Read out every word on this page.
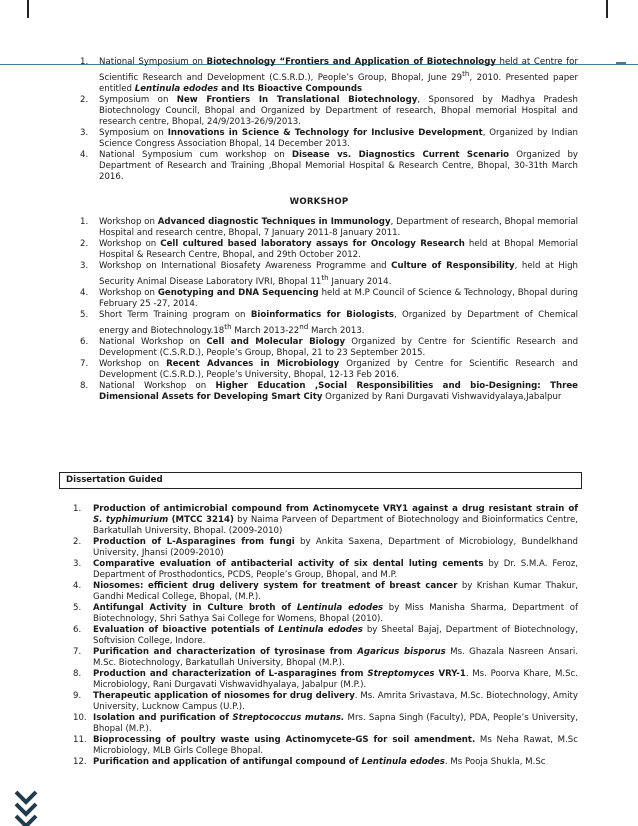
1. National Symposium on Biotechnology “Frontiers and Application of Biotechnology held at Centre for Scientific Research and Development (C.S.R.D.), People’s Group, Bhopal, June 29th, 2010. Presented paper entitled Lentinula edodes and Its Bioactive Compounds
2. Symposium on New Frontiers In Translational Biotechnology, Sponsored by Madhya Pradesh Biotechnology Council, Bhopal and Organized by Department of research, Bhopal memorial Hospital and research centre, Bhopal, 24/9/2013-26/9/2013.
3. Symposium on Innovations in Science & Technology for Inclusive Development, Organized by Indian Science Congress Association Bhopal, 14 December 2013.
4. National Symposium cum workshop on Disease vs. Diagnostics Current Scenario Organized by Department of Research and Training ,Bhopal Memorial Hospital & Research Centre, Bhopal, 30-31th March 2016.
WORKSHOP
1. Workshop on Advanced diagnostic Techniques in Immunology, Department of research, Bhopal memorial Hospital and research centre, Bhopal, 7 January 2011-8 January 2011.
2. Workshop on Cell cultured based laboratory assays for Oncology Research held at Bhopal Memorial Hospital & Research Centre, Bhopal, and 29th October 2012.
3. Workshop on International Biosafety Awareness Programme and Culture of Responsibility, held at High Security Animal Disease Laboratory IVRI, Bhopal 11th January 2014.
4. Workshop on Genotyping and DNA Sequencing held at M.P Council of Science & Technology, Bhopal during February 25 -27, 2014.
5. Short Term Training program on Bioinformatics for Biologists, Organized by Department of Chemical energy and Biotechnology.18th March 2013-22nd March 2013.
6. National Workshop on Cell and Molecular Biology Organized by Centre for Scientific Research and Development (C.S.R.D.), People’s Group, Bhopal, 21 to 23 September 2015.
7. Workshop on Recent Advances in Microbiology Organized by Centre for Scientific Research and Development (C.S.R.D.), People’s University, Bhopal, 12-13 Feb 2016.
8. National Workshop on Higher Education ,Social Responsibilities and bio-Designing: Three Dimensional Assets for Developing Smart City Organized by Rani Durgavati Vishwavidyalaya,Jabalpur
Dissertation Guided
1. Production of antimicrobial compound from Actinomycete VRY1 against a drug resistant strain of S. typhimurium (MTCC 3214) by Naima Parveen of Department of Biotechnology and Bioinformatics Centre, Barkatullah University, Bhopal. (2009-2010)
2. Production of L-Asparagines from fungi by Ankita Saxena, Department of Microbiology, Bundelkhand University, Jhansi (2009-2010)
3. Comparative evaluation of antibacterial activity of six dental luting cements by Dr. S.M.A. Feroz, Department of Prosthodontics, PCDS, People’s Group, Bhopal, and M.P.
4. Niosomes: efficient drug delivery system for treatment of breast cancer by Krishan Kumar Thakur, Gandhi Medical College, Bhopal, (M.P.).
5. Antifungal Activity in Culture broth of Lentinula edodes by Miss Manisha Sharma, Department of Biotechnology, Shri Sathya Sai College for Womens, Bhopal (2010).
6. Evaluation of bioactive potentials of Lentinula edodes by Sheetal Bajaj, Department of Biotechnology, Softvision College, Indore.
7. Purification and characterization of tyrosinase from Agaricus bisporus Ms. Ghazala Nasreen Ansari. M.Sc. Biotechnology, Barkatullah University, Bhopal (M.P.).
8. Production and characterization of L-asparagines from Streptomyces VRY-1. Ms. Poorva Khare, M.Sc. Microbiology, Rani Durgavati Vishwavidhyalaya, Jabalpur (M.P.).
9. Therapeutic application of niosomes for drug delivery. Ms. Amrita Srivastava, M.Sc. Biotechnology, Amity University, Lucknow Campus (U.P.).
10. Isolation and purification of Streptococcus mutans. Mrs. Sapna Singh (Faculty), PDA, People’s University, Bhopal (M.P.).
11. Bioprocessing of poultry waste using Actinomycete-GS for soil amendment. Ms Neha Rawat, M.Sc Microbiology, MLB Girls College Bhopal.
12. Purification and application of antifungal compound of Lentinula edodes. Ms Pooja Shukla, M.Sc
